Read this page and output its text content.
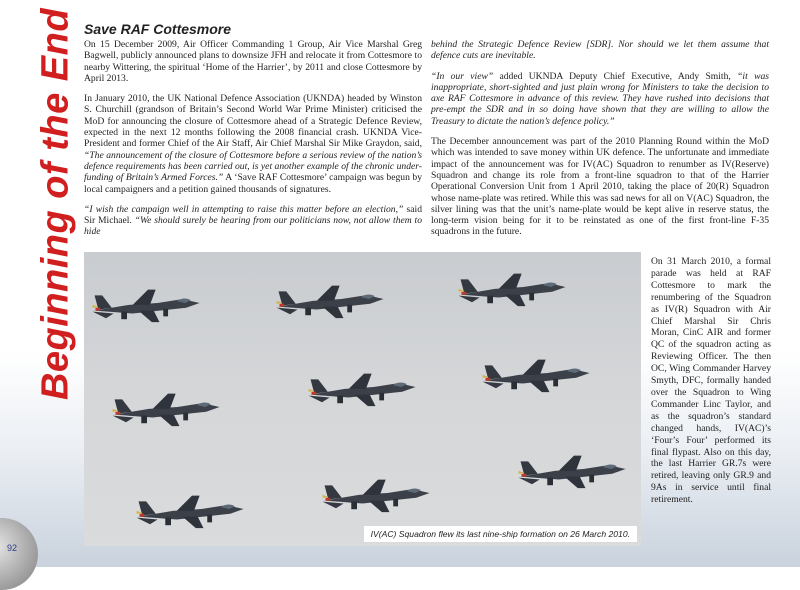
Beginning of the End Save RAF Cottesmore

On 15 December 2009, Air Officer Commanding 1 Group, Air Vice Marshal Greg Bagwell, publicly announced plans to downsize JFH and relocate it from Cottesmore to nearby Wittering, the spiritual ‘Home of the Harrier’, by 2011 and close Cottesmore by April 2013.

In January 2010, the UK National Defence Association (UKNDA) headed by Winston S. Churchill (grandson of Britain’s Second World War Prime Minister) criticised the MoD for announcing the closure of Cottesmore ahead of a Strategic Defence Review, expected in the next 12 months following the 2008 financial crash. UKNDA Vice-President and former Chief of the Air Staff, Air Chief Marshal Sir Mike Graydon, said, “The announcement of the closure of Cottesmore before a serious review of the nation’s defence requirements has been carried out, is yet another example of the chronic under-funding of Britain’s Armed Forces.” A ‘Save RAF Cottesmore’ campaign was begun by local campaigners and a petition gained thousands of signatures.

“I wish the campaign well in attempting to raise this matter before an election,” said Sir Michael. “We should surely be hearing from our politicians now, not allow them to hide

behind the Strategic Defence Review [SDR]. Nor should we let them assume that defence cuts are inevitable.

“In our view” added UKNDA Deputy Chief Executive, Andy Smith, “it was inappropriate, short-sighted and just plain wrong for Ministers to take the decision to axe RAF Cottesmore in advance of this review. They have rushed into decisions that pre-empt the SDR and in so doing have shown that they are willing to allow the Treasury to dictate the nation’s defence policy.”

The December announcement was part of the 2010 Planning Round within the MoD which was intended to save money within UK defence. The unfortunate and immediate impact of the announcement was for IV(AC) Squadron to renumber as IV(Reserve) Squadron and change its role from a front-line squadron to that of the Harrier Operational Conversion Unit from 1 April 2010, taking the place of 20(R) Squadron whose name-plate was retired. While this was sad news for all on V(AC) Squadron, the silver lining was that the unit’s name-plate would be kept alive in reserve status, the long-term vision being for it to be reinstated as one of the first front-line F-35 squadrons in the future.

IV(AC) Squadron flew its last nine-ship formation on 26 March 2010.
On 31 March 2010, a formal parade was held at RAF Cottesmore to mark the renumbering of the Squadron as IV(R) Squadron with Air Chief Marshal Sir Chris Moran, CinC AIR and former QC of the squadron acting as Reviewing Officer. The then OC, Wing Commander Harvey Smyth, DFC, formally handed over the Squadron to Wing Commander Linc Taylor, and as the squadron’s standard changed hands, IV(AC)’s ‘Four’s Four’ performed its final flypast. Also on this day, the last Harrier GR.7s were retired, leaving only GR.9 and 9As in service until final retirement.
92
